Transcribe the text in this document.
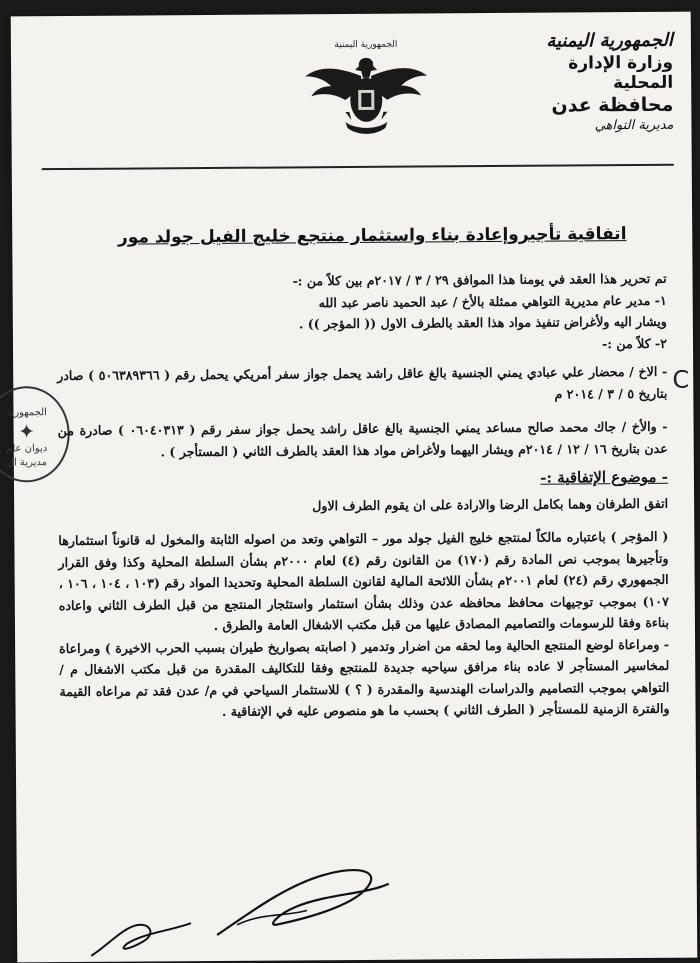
الجمهورية اليمنية
وزارة الإدارة المحلية
محافظة عدن
مديرية التواهي
الجمهورية اليمنية
اتفاقية تأجيروإعادة بناء واستثمار منتجع خليج الفيل جولد مور
الجمهورية
✦
ديوان عام
مديرية ال
C

تم تحرير هذا العقد في يومنا هذا الموافق ٢٩ / ٣ / ٢٠١٧م بين كلاً من :-

١- مدير عام مديرية التواهي ممثلة بالأخ / عبد الحميد ناصر عبد الله

ويشار اليه ولأغراض تنفيذ مواد هذا العقد بالطرف الاول (( المؤجر )) .

٢- كلاً من :-

- الاخ / محضار علي عبادي يمني الجنسية بالغ عاقل راشد يحمل جواز سفر أمريكي يحمل رقم ( ٥٠٦٣٨٩٣٦٦ ) صادر بتاريخ ٥ / ٣ / ٢٠١٤ م

- والأخ / جاك محمد صالح مساعد يمني الجنسية بالغ عاقل راشد يحمل جواز سفر رقم ( ٠٦٠٤٠٣١٣ ) صادرة من عدن بتاريخ ١٦ / ١٢ / ٢٠١٤م ويشار اليهما ولأغراض مواد هذا العقد بالطرف الثاني ( المستأجر ) .

- موضوع الإتفاقية :-

اتفق الطرفان وهما بكامل الرضا والارادة على ان يقوم الطرف الاول

( المؤجر ) باعتباره مالكاً لمنتجع خليج الفيل جولد مور – التواهي وتعد من اصوله الثابتة والمخول له قانوناً استثمارها وتأجيرها بموجب نص المادة رقم (١٧٠) من القانون رقم (٤) لعام ٢٠٠٠م بشأن السلطة المحلية وكذا وفق القرار الجمهوري رقم (٢٤) لعام ٢٠٠١م بشأن اللائحة المالية لقانون السلطة المحلية وتحديدا المواد رقم (١٠٣ ، ١٠٤ ، ١٠٦ ، ١٠٧) بموجب توجيهات محافظ محافظه عدن وذلك بشأن استثمار واستئجار المنتجع من قبل الطرف الثاني واعاده بناءة وفقا للرسومات والتصاميم المصادق عليها من قبل مكتب الاشغال العامة والطرق .

- ومراعاة لوضع المنتجع الحالية وما لحقه من اضرار وتدمير ( اصابته بصواريخ طيران بسبب الحرب الاخيرة ) ومراعاة لمخاسير المستأجر لا عاده بناء مرافق سياحيه جديدة للمنتجع وفقا للتكاليف المقدرة من قبل مكتب الاشغال م / التواهي بموجب التصاميم والدراسات الهندسية والمقدرة ( ؟ ) للاستثمار السياحي في م/ عدن فقد تم مراعاه القيمة والفترة الزمنية للمستأجر ( الطرف الثاني ) بحسب ما هو منصوص عليه في الإتفاقية .
